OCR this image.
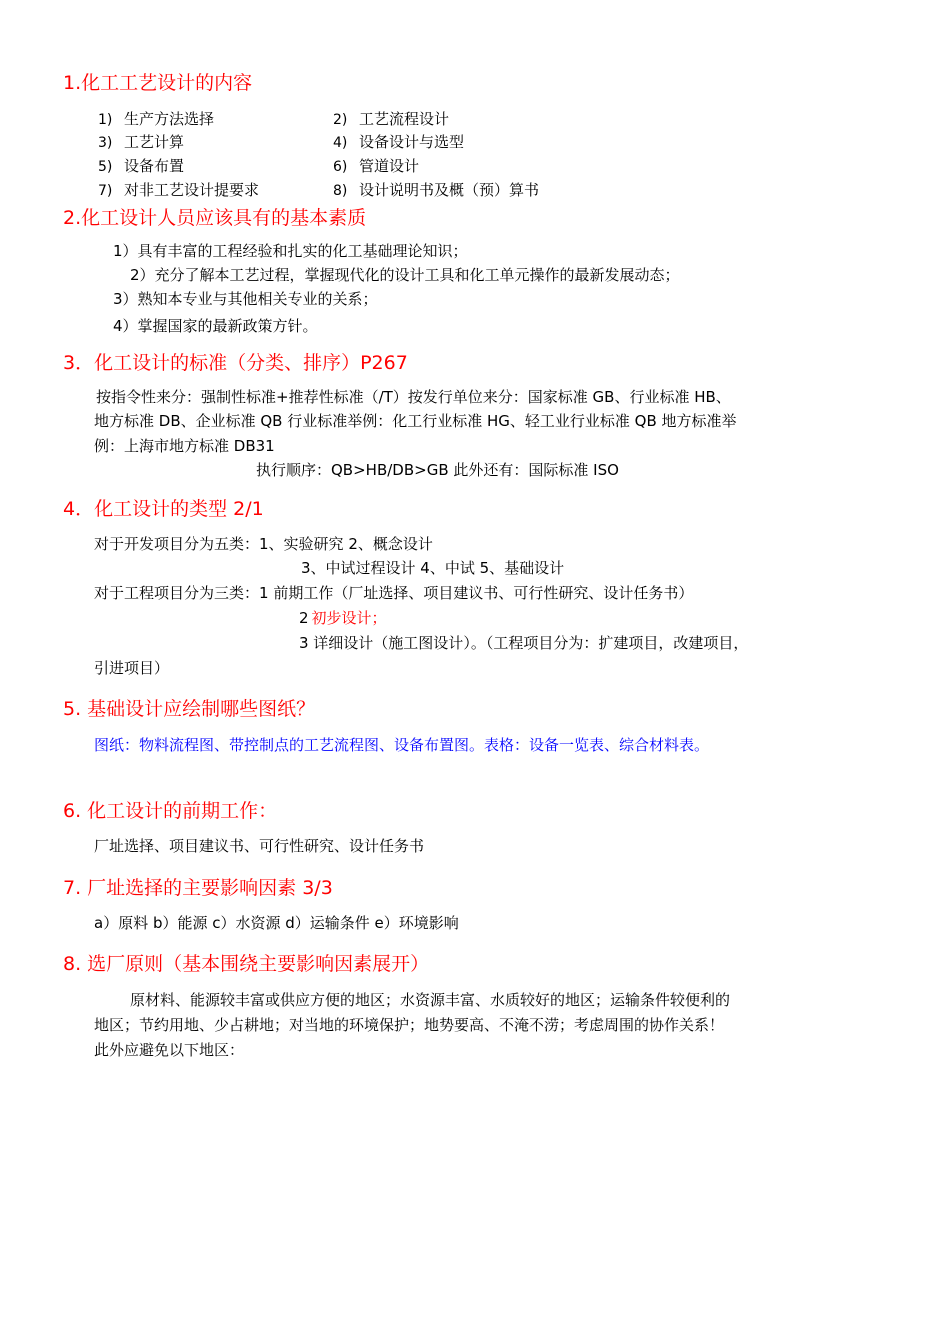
1.化工工艺设计的内容
1) 生产方法选择	2) 工艺流程设计
3) 工艺计算	4) 设备设计与选型
5) 设备布置	6) 管道设计
7) 对非工艺设计提要求	8) 设计说明书及概（预）算书
2.化工设计人员应该具有的基本素质
1）具有丰富的工程经验和扎实的化工基础理论知识；
2）充分了解本工艺过程，掌握现代化的设计工具和化工单元操作的最新发展动态；
3）熟知本专业与其他相关专业的关系；
4）掌握国家的最新政策方针。
3．化工设计的标准（分类、排序）P267
按指令性来分：强制性标准+推荐性标准（/T）按发行单位来分：国家标准 GB、行业标准 HB、
地方标准 DB、企业标准 QB 行业标准举例：化工行业标准 HG、轻工业行业标准 QB 地方标准举
例：上海市地方标准 DB31
执行顺序：QB>HB/DB>GB 此外还有：国际标准 ISO
4．化工设计的类型 2/1
对于开发项目分为五类：1、实验研究 2、概念设计
3、中试过程设计 4、中试 5、基础设计
对于工程项目分为三类：1 前期工作（厂址选择、项目建议书、可行性研究、设计任务书）
2 初步设计；
3 详细设计（施工图设计）。（工程项目分为：扩建项目，改建项目，
引进项目）
5. 基础设计应绘制哪些图纸？
图纸：物料流程图、带控制点的工艺流程图、设备布置图。表格：设备一览表、综合材料表。
6. 化工设计的前期工作：
厂址选择、项目建议书、可行性研究、设计任务书
7. 厂址选择的主要影响因素 3/3
a）原料 b）能源 c）水资源 d）运输条件 e）环境影响
8. 选厂原则（基本围绕主要影响因素展开）
原材料、能源较丰富或供应方便的地区；水资源丰富、水质较好的地区；运输条件较便利的
地区；节约用地、少占耕地；对当地的环境保护；地势要高、不淹不涝；考虑周围的协作关系！
此外应避免以下地区：
